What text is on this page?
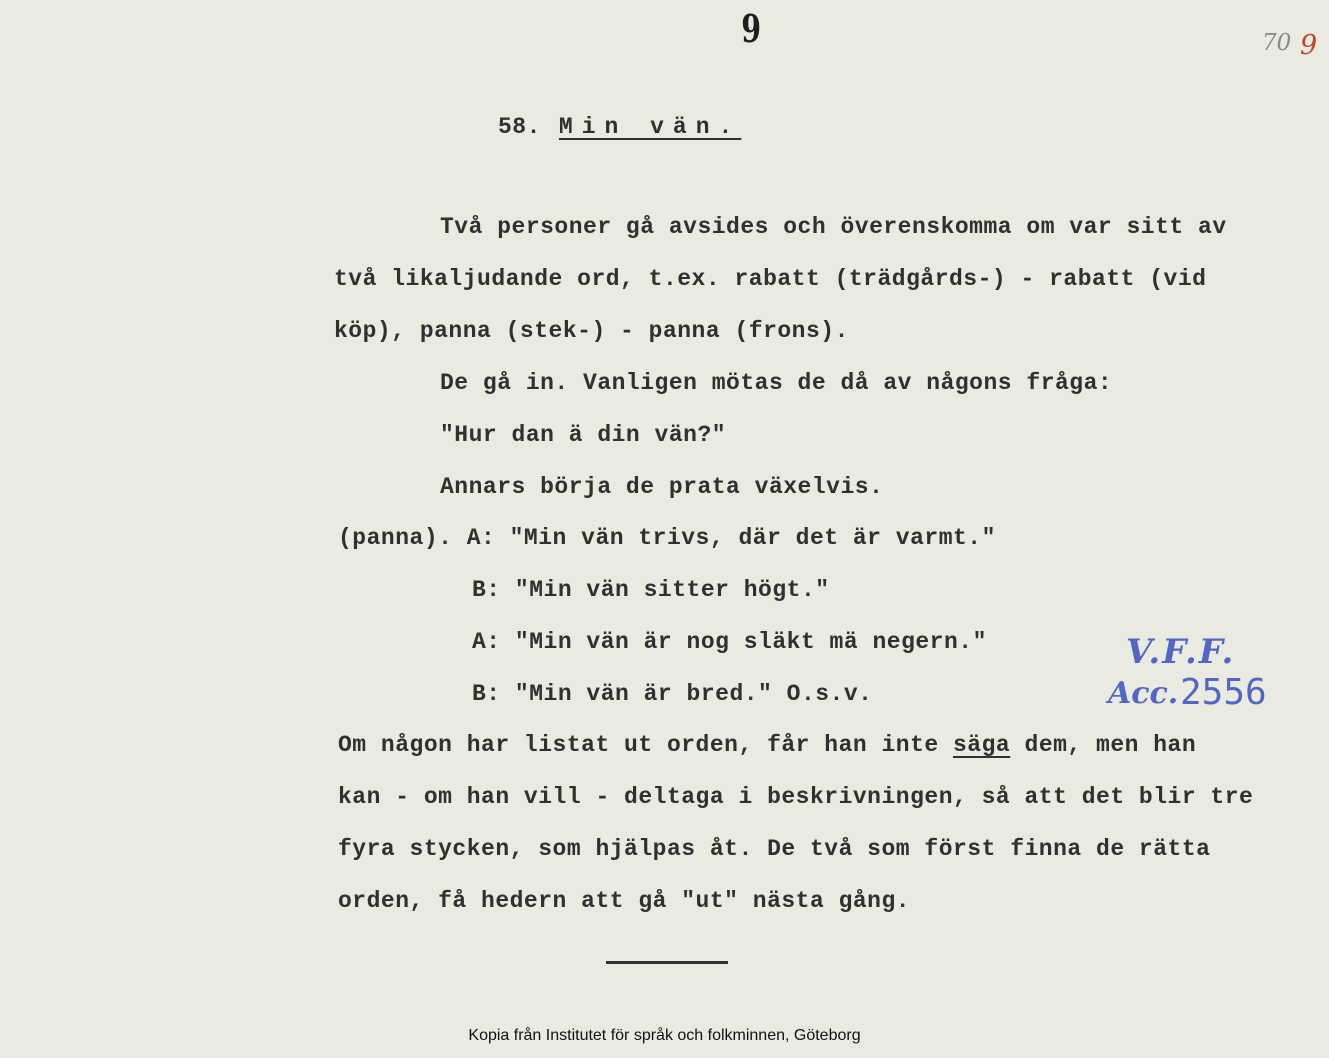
9	70 9
58. Min vän.
Två personer gå avsides och överenskomma om var sitt av
två likaljudande ord, t.ex. rabatt (trädgårds-) - rabatt (vid
köp), panna (stek-) - panna (frons).
De gå in. Vanligen mötas de då av någons fråga:
"Hur dan ä din vän?"
Annars börja de prata växelvis.
(panna). A: "Min vän trivs, där det är varmt."
B: "Min vän sitter högt."
A: "Min vän är nog släkt mä negern."
B: "Min vän är bred." O.s.v.
Om någon har listat ut orden, får han inte säga dem, men han
kan - om han vill - deltaga i beskrivningen, så att det blir tre
fyra stycken, som hjälpas åt. De två som först finna de rätta
orden, få hedern att gå "ut" nästa gång.
V.F.F.
Acc. 2556
Kopia från Institutet för språk och folkminnen, Göteborg
